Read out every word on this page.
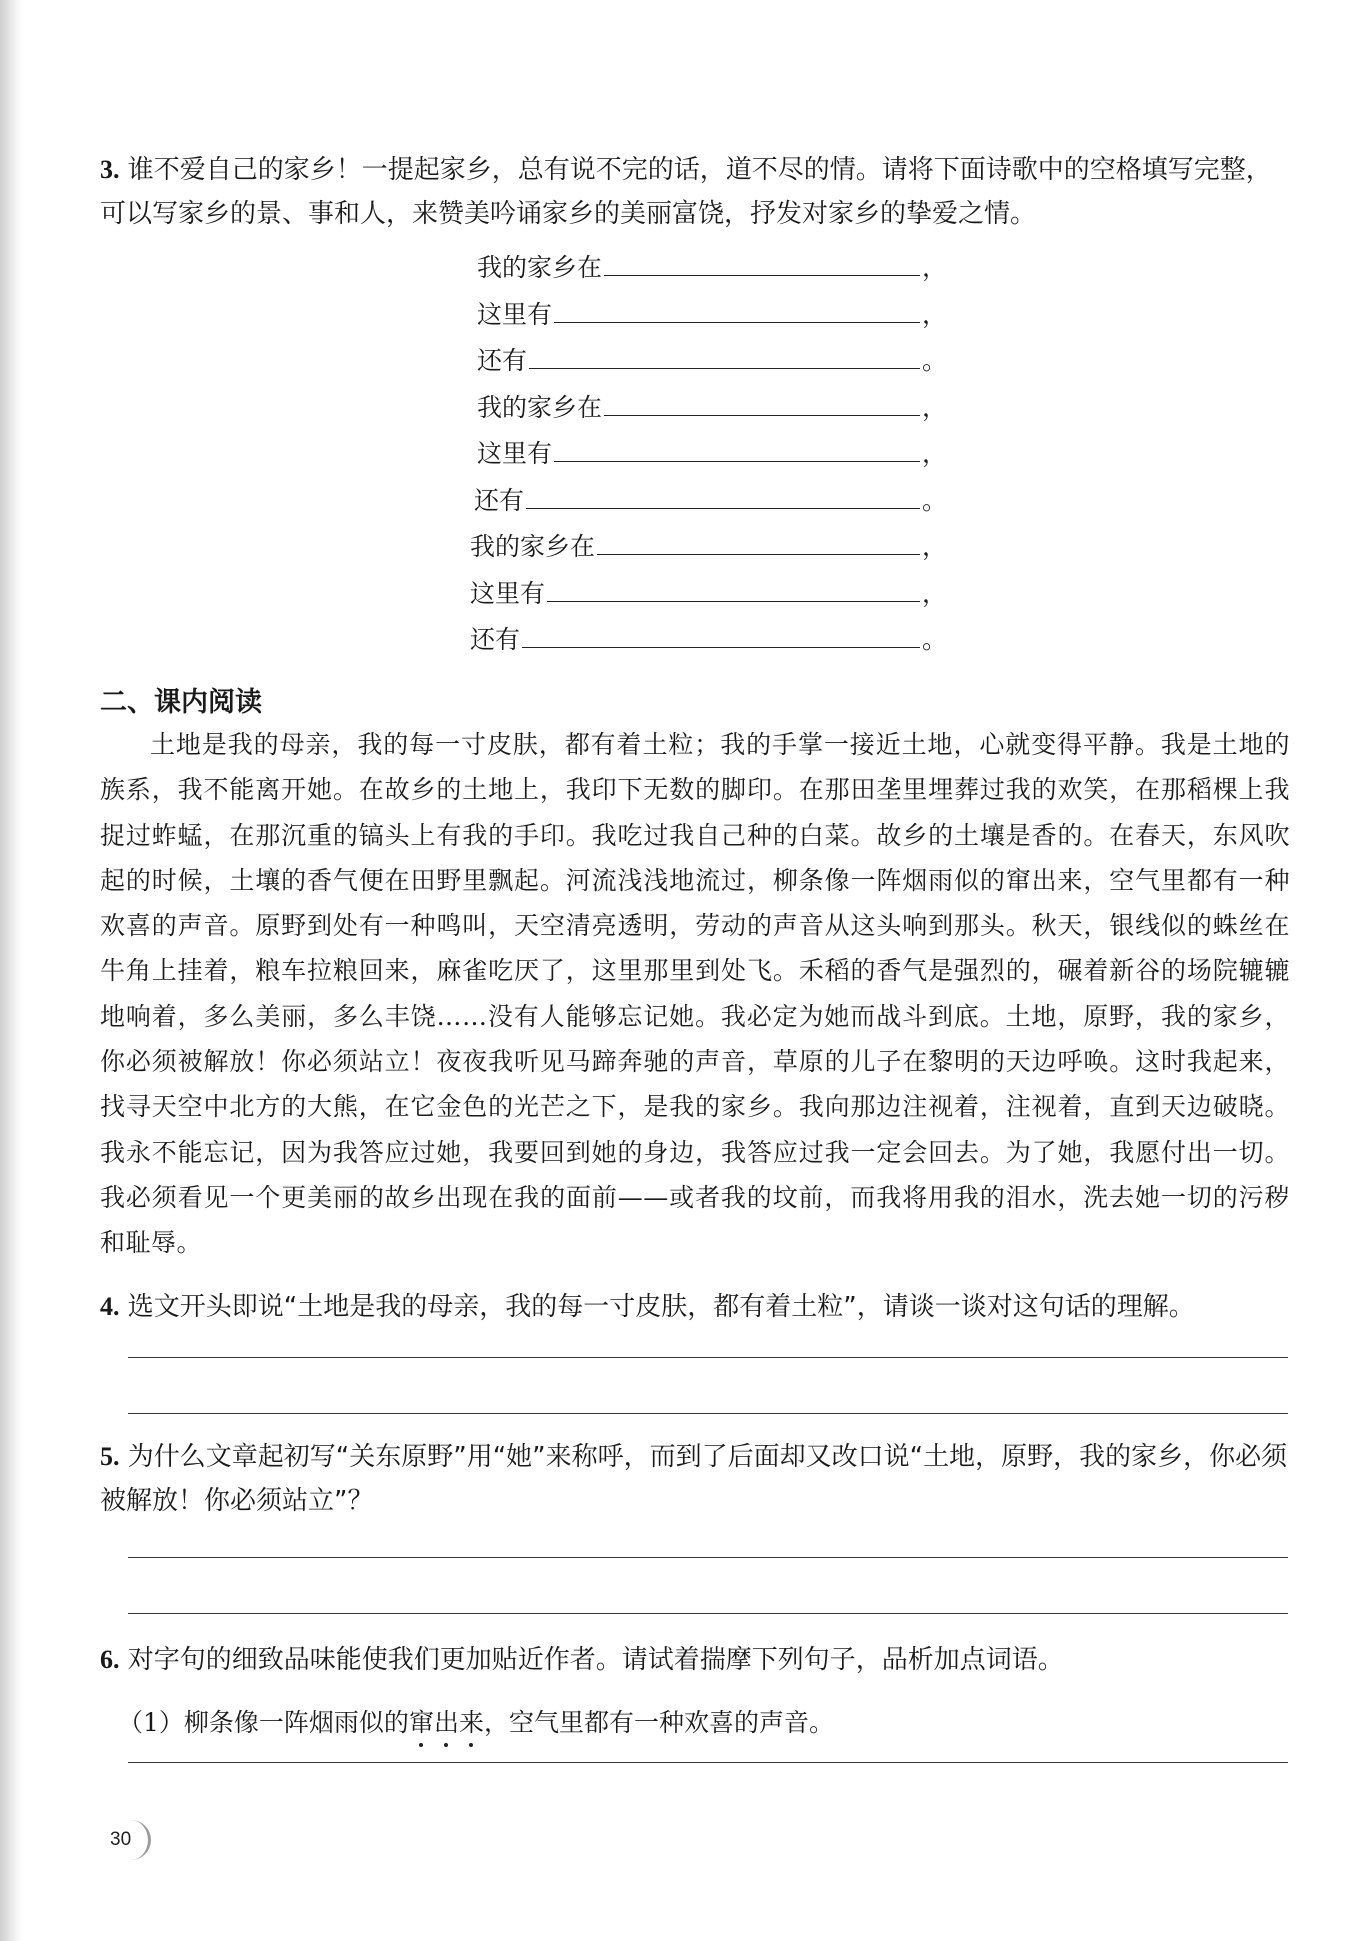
3. 谁不爱自己的家乡！一提起家乡，总有说不完的话，道不尽的情。请将下面诗歌中的空格填写完整，可以写家乡的景、事和人，来赞美吟诵家乡的美丽富饶，抒发对家乡的挚爱之情。
我的家乡在	，
这里有	，
还有	。
我的家乡在	，
这里有	，
还有	。
我的家乡在	，
这里有	，
还有	。
二、课内阅读
土地是我的母亲，我的每一寸皮肤，都有着土粒；我的手掌一接近土地，心就变得平静。我是土地的族系，我不能离开她。在故乡的土地上，我印下无数的脚印。在那田垄里埋葬过我的欢笑，在那稻棵上我捉过蚱蜢，在那沉重的镐头上有我的手印。我吃过我自己种的白菜。故乡的土壤是香的。在春天，东风吹起的时候，土壤的香气便在田野里飘起。河流浅浅地流过，柳条像一阵烟雨似的窜出来，空气里都有一种欢喜的声音。原野到处有一种鸣叫，天空清亮透明，劳动的声音从这头响到那头。秋天，银线似的蛛丝在牛角上挂着，粮车拉粮回来，麻雀吃厌了，这里那里到处飞。禾稻的香气是强烈的，碾着新谷的场院辘辘地响着，多么美丽，多么丰饶……没有人能够忘记她。我必定为她而战斗到底。土地，原野，我的家乡，你必须被解放！你必须站立！夜夜我听见马蹄奔驰的声音，草原的儿子在黎明的天边呼唤。这时我起来，找寻天空中北方的大熊，在它金色的光芒之下，是我的家乡。我向那边注视着，注视着，直到天边破晓。我永不能忘记，因为我答应过她，我要回到她的身边，我答应过我一定会回去。为了她，我愿付出一切。我必须看见一个更美丽的故乡出现在我的面前——或者我的坟前，而我将用我的泪水，洗去她一切的污秽和耻辱。
4. 选文开头即说“土地是我的母亲，我的每一寸皮肤，都有着土粒”，请谈一谈对这句话的理解。
5. 为什么文章起初写“关东原野”用“她”来称呼，而到了后面却又改口说“土地，原野，我的家乡，你必须被解放！你必须站立”？
6. 对字句的细致品味能使我们更加贴近作者。请试着揣摩下列句子，品析加点词语。
（1）柳条像一阵烟雨似的窜出来，空气里都有一种欢喜的声音。
30
